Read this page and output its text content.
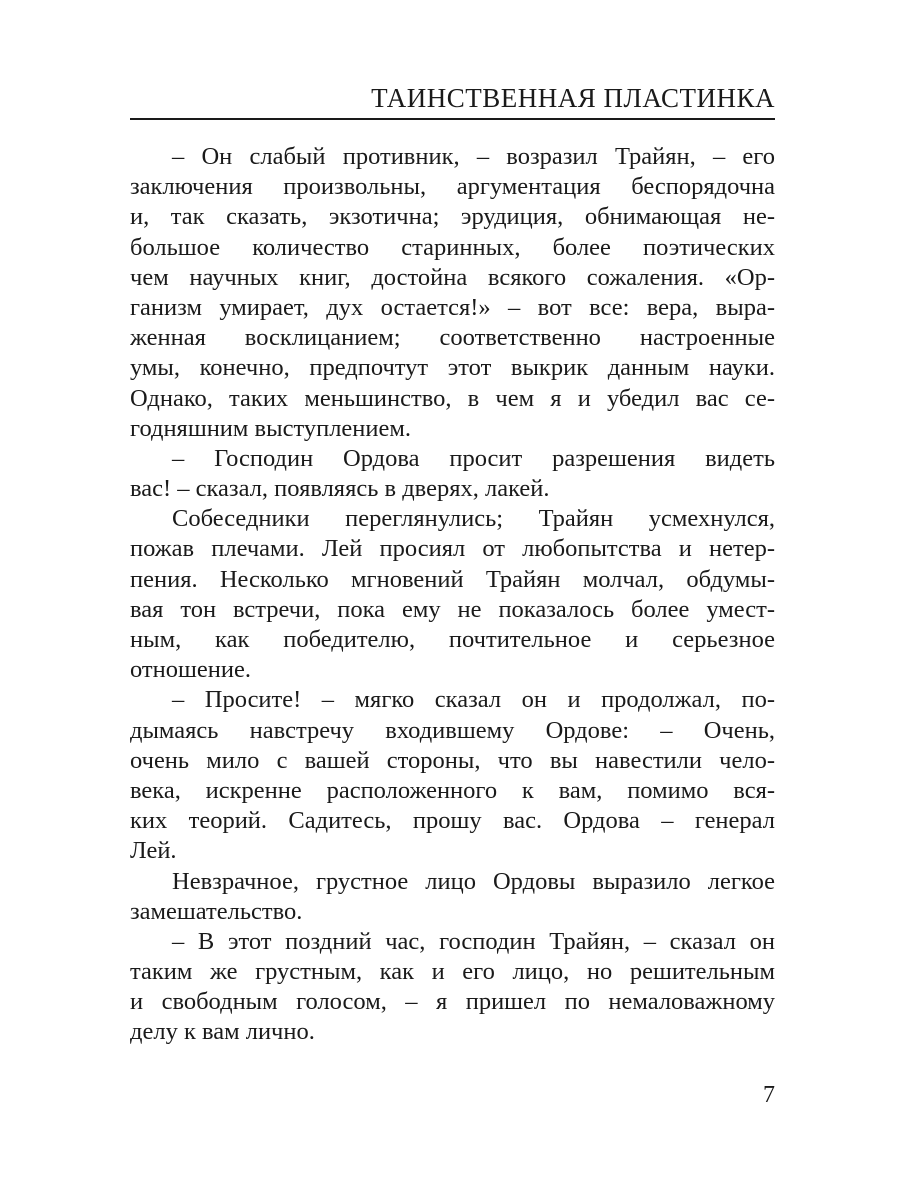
ТАИНСТВЕННАЯ ПЛАСТИНКА
– Он слабый противник, – возразил Трайян, – его
заключения произвольны, аргументация беспорядочна
и, так сказать, экзотична; эрудиция, обнимающая не-
большое количество старинных, более поэтических
чем научных книг, достойна всякого сожаления. «Ор-
ганизм умирает, дух остается!» – вот все: вера, выра-
женная восклицанием; соответственно настроенные
умы, конечно, предпочтут этот выкрик данным науки.
Однако, таких меньшинство, в чем я и убедил вас се-
годняшним выступлением.
– Господин Ордова просит разрешения видеть
вас! – сказал, появляясь в дверях, лакей.
Собеседники переглянулись; Трайян усмехнулся,
пожав плечами. Лей просиял от любопытства и нетер-
пения. Несколько мгновений Трайян молчал, обдумы-
вая тон встречи, пока ему не показалось более умест-
ным, как победителю, почтительное и серьезное
отношение.
– Просите! – мягко сказал он и продолжал, по-
дымаясь навстречу входившему Ордове: – Очень,
очень мило с вашей стороны, что вы навестили чело-
века, искренне расположенного к вам, помимо вся-
ких теорий. Садитесь, прошу вас. Ордова – генерал
Лей.
Невзрачное, грустное лицо Ордовы выразило легкое
замешательство.
– В этот поздний час, господин Трайян, – сказал он
таким же грустным, как и его лицо, но решительным
и свободным голосом, – я пришел по немаловажному
делу к вам лично.
7
